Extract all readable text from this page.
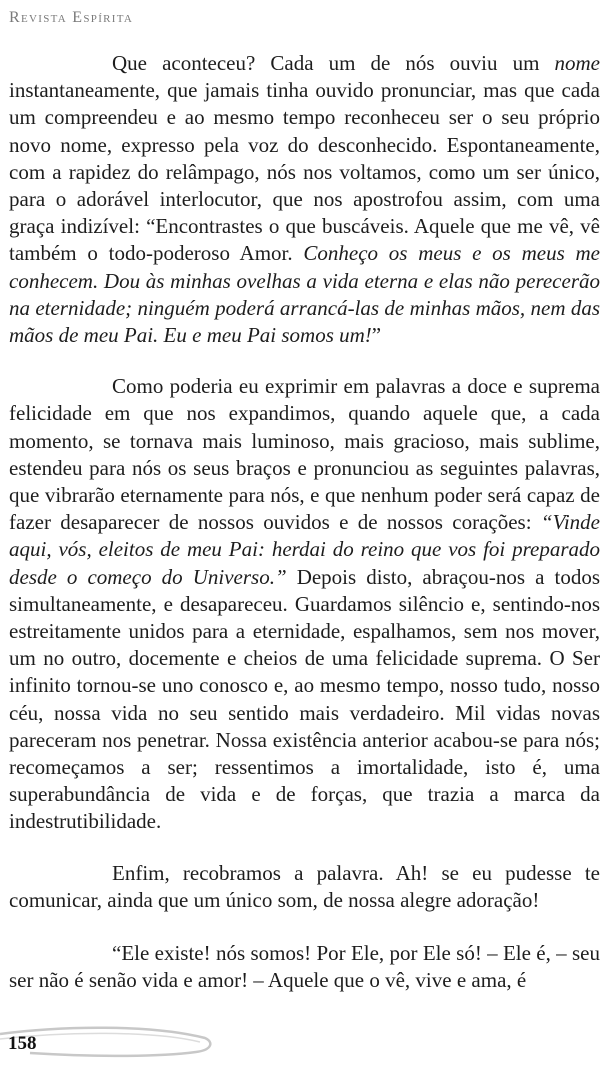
Revista Espírita

Que aconteceu? Cada um de nós ouviu um nome instantaneamente, que jamais tinha ouvido pronunciar, mas que cada um compreendeu e ao mesmo tempo reconheceu ser o seu próprio novo nome, expresso pela voz do desconhecido. Espontaneamente, com a rapidez do relâmpago, nós nos voltamos, como um ser único, para o adorável interlocutor, que nos apostrofou assim, com uma graça indizível: “Encontrastes o que buscáveis. Aquele que me vê, vê também o todo-poderoso Amor. Conheço os meus e os meus me conhecem. Dou às minhas ovelhas a vida eterna e elas não perecerão na eternidade; ninguém poderá arrancá-las de minhas mãos, nem das mãos de meu Pai. Eu e meu Pai somos um!”

Como poderia eu exprimir em palavras a doce e suprema felicidade em que nos expandimos, quando aquele que, a cada momento, se tornava mais luminoso, mais gracioso, mais sublime, estendeu para nós os seus braços e pronunciou as seguintes palavras, que vibrarão eternamente para nós, e que nenhum poder será capaz de fazer desaparecer de nossos ouvidos e de nossos corações: “Vinde aqui, vós, eleitos de meu Pai: herdai do reino que vos foi preparado desde o começo do Universo.” Depois disto, abraçou-nos a todos simultaneamente, e desapareceu. Guardamos silêncio e, sentindo-nos estreitamente unidos para a eternidade, espalhamos, sem nos mover, um no outro, docemente e cheios de uma felicidade suprema. O Ser infinito tornou-se uno conosco e, ao mesmo tempo, nosso tudo, nosso céu, nossa vida no seu sentido mais verdadeiro. Mil vidas novas pareceram nos penetrar. Nossa existência anterior acabou-se para nós; recomeçamos a ser; ressentimos a imortalidade, isto é, uma superabundância de vida e de forças, que trazia a marca da indestrutibilidade.

Enfim, recobramos a palavra. Ah! se eu pudesse te comunicar, ainda que um único som, de nossa alegre adoração!

“Ele existe! nós somos! Por Ele, por Ele só! – Ele é, – seu ser não é senão vida e amor! – Aquele que o vê, vive e ama, é

158
